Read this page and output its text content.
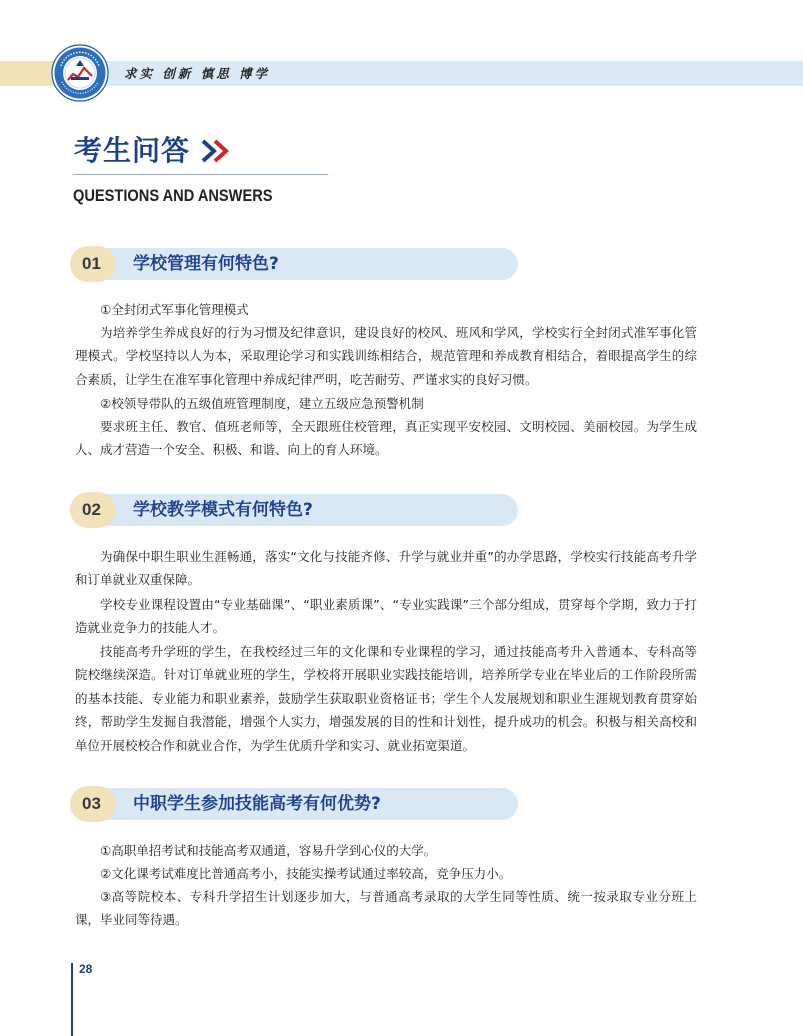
求实 创新 慎思 博学
考生问答
QUESTIONS AND ANSWERS
01 学校管理有何特色?
①全封闭式军事化管理模式
为培养学生养成良好的行为习惯及纪律意识，建设良好的校风、班风和学风，学校实行全封闭式准军事化管理模式。学校坚持以人为本，采取理论学习和实践训练相结合，规范管理和养成教育相结合，着眼提高学生的综合素质，让学生在准军事化管理中养成纪律严明，吃苦耐劳、严谨求实的良好习惯。
②校领导带队的五级值班管理制度，建立五级应急预警机制
要求班主任、教官、值班老师等，全天跟班住校管理，真正实现平安校园、文明校园、美丽校园。为学生成人、成才营造一个安全、积极、和谐、向上的育人环境。
02 学校教学模式有何特色?
为确保中职生职业生涯畅通，落实“文化与技能齐修、升学与就业并重”的办学思路，学校实行技能高考升学和订单就业双重保障。
学校专业课程设置由“专业基础课”、“职业素质课”、“专业实践课”三个部分组成，贯穿每个学期，致力于打造就业竞争力的技能人才。
技能高考升学班的学生，在我校经过三年的文化课和专业课程的学习，通过技能高考升入普通本、专科高等院校继续深造。针对订单就业班的学生，学校将开展职业实践技能培训，培养所学专业在毕业后的工作阶段所需的基本技能、专业能力和职业素养，鼓励学生获取职业资格证书；学生个人发展规划和职业生涯规划教育贯穿始终，帮助学生发掘自我潜能，增强个人实力，增强发展的目的性和计划性，提升成功的机会。积极与相关高校和单位开展校校合作和就业合作，为学生优质升学和实习、就业拓宽渠道。
03 中职学生参加技能高考有何优势?
①高职单招考试和技能高考双通道，容易升学到心仪的大学。
②文化课考试难度比普通高考小，技能实操考试通过率较高，竞争压力小。
③高等院校本、专科升学招生计划逐步加大，与普通高考录取的大学生同等性质、统一按录取专业分班上课，毕业同等待遇。
28
